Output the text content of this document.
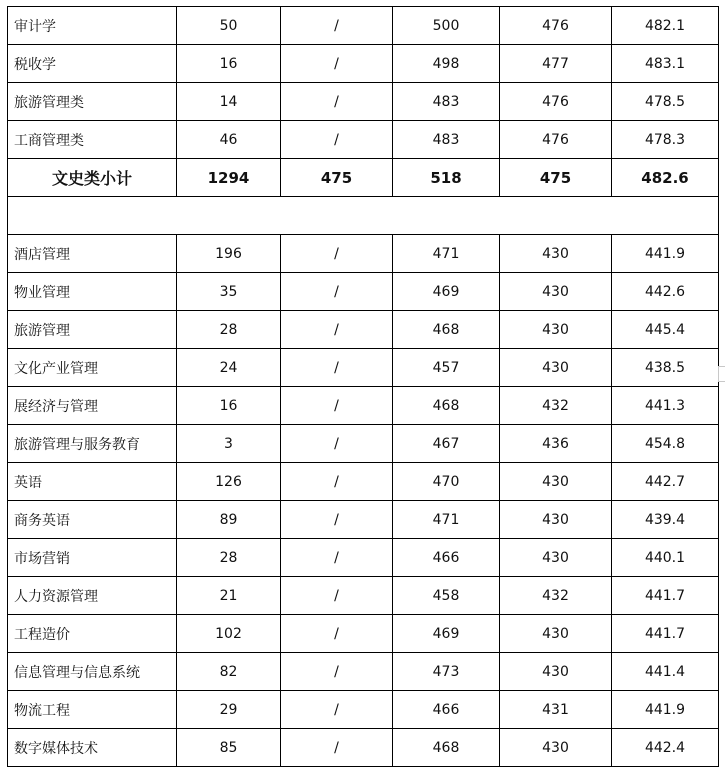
审计学	50	/	500	476	482.1
税收学	16	/	498	477	483.1
旅游管理类	14	/	483	476	478.5
工商管理类	46	/	483	476	478.3
文史类小计	1294	475	518	475	482.6

酒店管理	196	/	471	430	441.9
物业管理	35	/	469	430	442.6
旅游管理	28	/	468	430	445.4
文化产业管理	24	/	457	430	438.5
展经济与管理	16	/	468	432	441.3
旅游管理与服务教育	3	/	467	436	454.8
英语	126	/	470	430	442.7
商务英语	89	/	471	430	439.4
市场营销	28	/	466	430	440.1
人力资源管理	21	/	458	432	441.7
工程造价	102	/	469	430	441.7
信息管理与信息系统	82	/	473	430	441.4
物流工程	29	/	466	431	441.9
数字媒体技术	85	/	468	430	442.4
